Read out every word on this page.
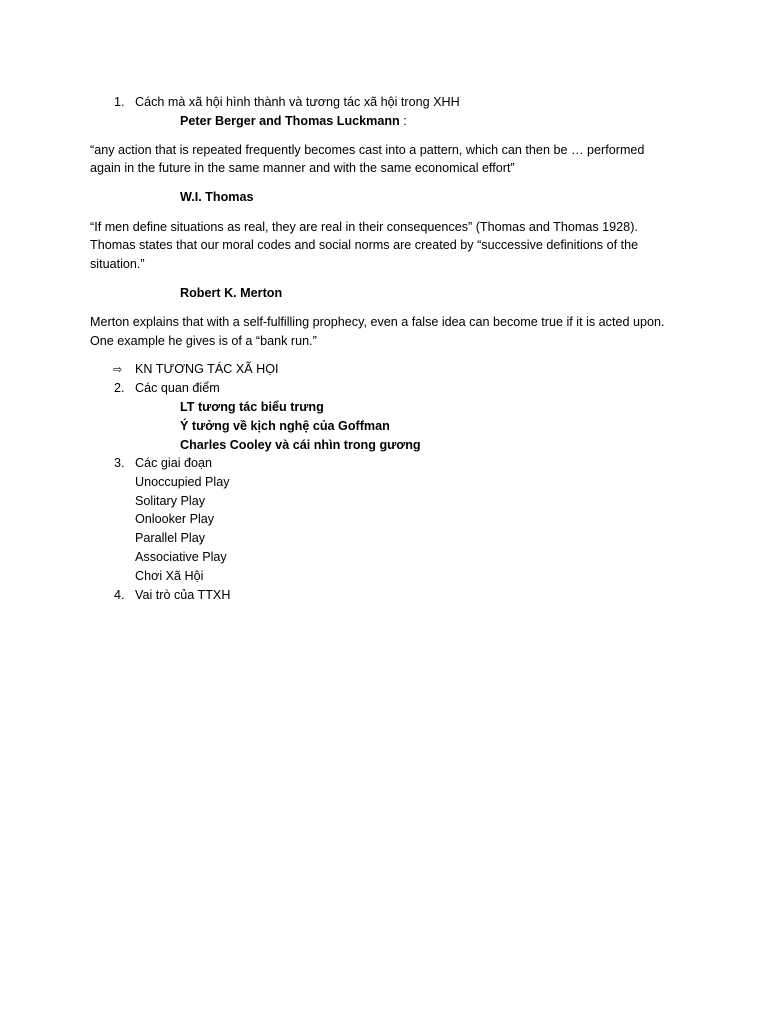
1. Cách mà xã hội hình thành và tương tác xã hội trong XHH
Peter Berger and Thomas Luckmann :
“any action that is repeated frequently becomes cast into a pattern, which can then be … performed
again in the future in the same manner and with the same economical effort”
W.I. Thomas
“If men define situations as real, they are real in their consequences” (Thomas and Thomas 1928).
Thomas states that our moral codes and social norms are created by “successive definitions of the
situation.”
Robert K. Merton
Merton explains that with a self-fulfilling prophecy, even a false idea can become true if it is acted upon.
One example he gives is of a “bank run.”
⇨ KN TƯƠNG TÁC XÃ HỌI
2. Các quan điểm
LT tương tác biểu trưng
Ý tưởng về kịch nghệ của Goffman
Charles Cooley và cái nhìn trong gương
3. Các giai đoạn
Unoccupied Play
Solitary Play
Onlooker Play
Parallel Play
Associative Play
Chơi Xã Hội
4. Vai trò của TTXH
